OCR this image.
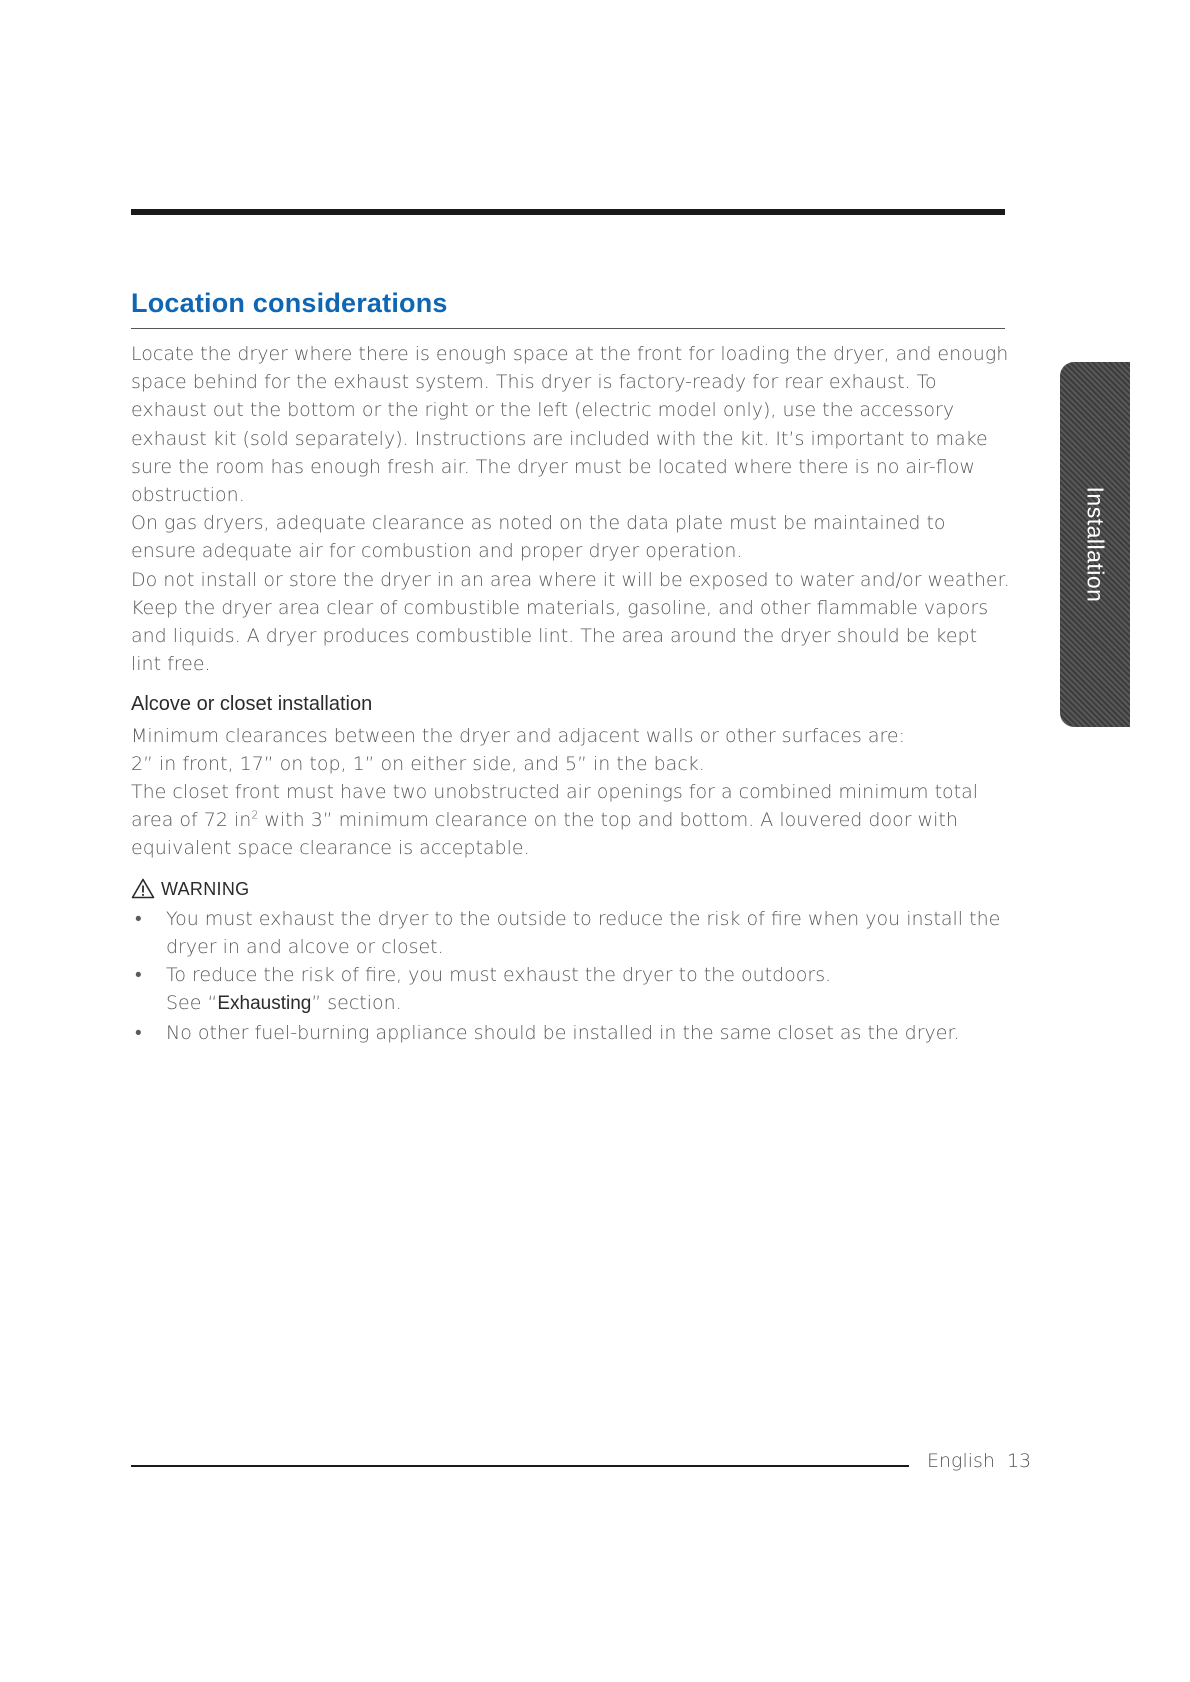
Location considerations

Locate the dryer where there is enough space at the front for loading the dryer, and enough space behind for the exhaust system. This dryer is factory-ready for rear exhaust. To exhaust out the bottom or the right or the left (electric model only), use the accessory exhaust kit (sold separately). Instructions are included with the kit. It’s important to make sure the room has enough fresh air. The dryer must be located where there is no air-flow obstruction.

On gas dryers, adequate clearance as noted on the data plate must be maintained to ensure adequate air for combustion and proper dryer operation.

Do not install or store the dryer in an area where it will be exposed to water and/or weather. Keep the dryer area clear of combustible materials, gasoline, and other flammable vapors and liquids. A dryer produces combustible lint. The area around the dryer should be kept lint free.

Alcove or closet installation

Minimum clearances between the dryer and adjacent walls or other surfaces are:

2” in front, 17” on top, 1” on either side, and 5” in the back.

The closet front must have two unobstructed air openings for a combined minimum total area of 72 $in^2$ with 3” minimum clearance on the top and bottom. A louvered door with equivalent space clearance is acceptable.

WARNING

• You must exhaust the dryer to the outside to reduce the risk of fire when you install the dryer in and alcove or closet.
• To reduce the risk of fire, you must exhaust the dryer to the outdoors.
See “Exhausting” section.
• No other fuel-burning appliance should be installed in the same closet as the dryer.
Installation
English 13
